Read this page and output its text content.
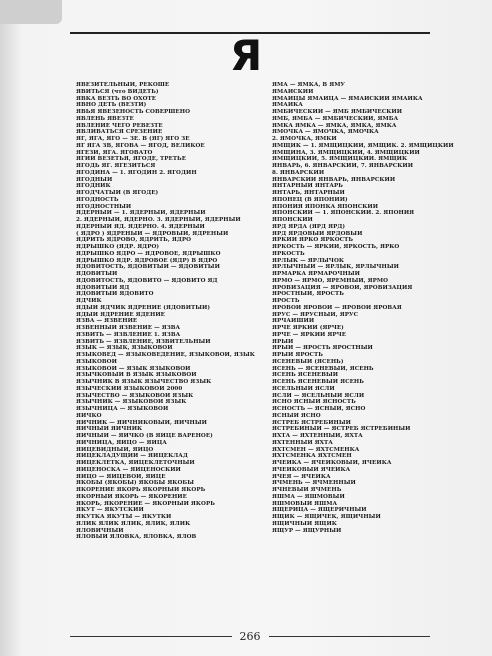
Я
ЯВЕЗИТЕЛЬНЫЙ, РЕКОШЕ
ЯВИТЬСЯ (что ВИДЕТЬ)
ЯВКА ВЕЗТЬ ВО ОХОТЕ
ЯВНО ДЕТЬ (ВЕЗТИ)
ЯВЬЯ ЯВЕЗЕНОСТЬ СОВЕРШЕНО
ЯВЛЕНЬ ЯВЕЗТЕ
ЯВЛЕНИЕ ЧЕГО РЕВЕЗТЕ
ЯВЛИВАТЬСЯ СРЕЗЕНИЕ
ЯГ, ЯГА, ЯГО — ЗЕ. В (ЯГ) ЯГО ЗЕ
ЯГ ЯГА ЗВ, ЯГОВА — ЯГОД, ВЕЛИКОЕ
ЯГЕЗИ, ЯГА. ЯГОВАТО
ЯГИЙ ВЕЗЕТЬЯ, ЯГОДЕ, ТРЕТЬЕ
ЯГОДЬ ЯГ. ЯГЕЗИТЬСЯ
ЯГОДИНА — 1. ЯГОДИН 2. ЯГОДИН
ЯГОДНЫЙ
ЯГОДНИК
ЯГОДЧАТЫЙ (В ЯГОДЕ)
ЯГОДНОСТЬ
ЯГОДНОСТНЫЙ
ЯДЕРНЫЙ — 1. ЯДЕРНЫЙ, ЯДЕРНЫЙ
2. ЯДЕРНЫЙ, ЯДЕРНО. 3. ЯДЕРНЫЙ, ЯДЕРНЫЙ
ЯДЕРНЫЙ ЯД. ЯДЕРНО. 4. ЯДЕРНЫЙ
( ЯДРО ) ЯДРЕНЫЙ — ЯДРОВЫЙ, ЯДРЕНЫЙ
ЯДРИТЬ ЯДРОВО, ЯДРИТЬ, ЯДРО
ЯДРЫШКО (ЯДР. ЯДРО)
ЯДРЫШКО ЯДРО — ЯДРОВОЕ, ЯДРЫШКО
ЯДРЫШКО ЯДР. ЯДРОВОЕ (ЯДР) В ЯДРО
ЯДОВИТОСТЬ, ЯДОВИТЫЙ — ЯДОВИТЫЙ
ЯДОВИТЫЙ
ЯДОВИТОСТЬ, ЯДОВИТО — ЯДОВИТО ЯД
ЯДОВИТЫЙ ЯД
ЯДОВИТЫЙ ЯДОВИТО
ЯДЧИК
ЯДЫЙ ЯДЧИК ЯДРЕНИЕ (ЯДОВИТЫЙ)
ЯДЫЙ ЯДРЕНИЕ ЯДЕНИЕ
ЯЗВА — ЯЗВЕНИЕ
ЯЗВЕННЫЙ ЯЗВЕНИЕ — ЯЗВА
ЯЗВИТЬ — ЯЗВЛЕНИЕ 1. ЯЗВА
ЯЗВИТЬ — ЯЗВЛЕНИЕ, ЯЗВИТЕЛЬНЫЙ
ЯЗЫК — ЯЗЫК, ЯЗЫКОВОЙ
ЯЗЫКОВЕД — ЯЗЫКОВЕДЕНИЕ, ЯЗЫКОВОЙ, ЯЗЫК
ЯЗЫКОВОЙ
ЯЗЫКОВОЙ — ЯЗЫК ЯЗЫКОВОЙ
ЯЗЫЧКОВЫЙ В ЯЗЫК ЯЗЫКОВОЙ
ЯЗЫЧНИК В ЯЗЫК ЯЗЫЧЕСТВО ЯЗЫК
ЯЗЫЧЕСКИЙ ЯЗЫКОВОЙ 2000
ЯЗЫЧЕСТВО — ЯЗЫКОВОЙ ЯЗЫК
ЯЗЫЧНИК — ЯЗЫКОВОЙ ЯЗЫК
ЯЗЫЧНИЦА — ЯЗЫКОВОЙ
ЯИЧКО
ЯИЧНИК — ЯИЧНИКОВЫЙ, ЯИЧНЫЙ
ЯИЧНЫЙ ЯИЧНИК
ЯИЧНЫЙ — ЯИЧКО (В ЯЙЦЕ ВАРЕНОЕ)
ЯИЧНИЦА, ЯЙЦО — ЯЙЦА
ЯЙЦЕВИДНЫЙ, ЯЙЦО
ЯЙЦЕКЛАДУЩИЙ — ЯЙЦЕКЛАД
ЯЙЦЕКЛЕТКА, ЯЙЦЕКЛЕТОЧНЫЙ
ЯЙЦЕНОСКА — ЯЙЦЕНОСКИЙ
ЯЙЦО — ЯЙЦЕВОЙ, ЯЙЦЕ
ЯКОБЫ (ЯКОБЫ) ЯКОБЫ ЯКОБЫ
ЯКОРЕНИЕ ЯКОРЬ ЯКОРНЫЙ ЯКОРЬ
ЯКОРНЫЙ ЯКОРЬ — ЯКОРЕНИЕ
ЯКОРЬ, ЯКОРЕНИЕ — ЯКОРНЫЙ ЯКОРЬ
ЯКУТ — ЯКУТСКИЙ
ЯКУТКА ЯКУТЫ — ЯКУТКИ
ЯЛИК ЯЛИК ЯЛИК, ЯЛИК, ЯЛИК
ЯЛОВИЧНЫЙ
ЯЛОВЫЙ ЯЛОВКА, ЯЛОВКА, ЯЛОВ
ЯМА — ЯМКА, В ЯМУ
ЯМАЙСКИЙ
ЯМАЙЦЫ ЯМАЙЦА — ЯМАЙСКИЙ ЯМАЙКА
ЯМАЙКА
ЯМБИЧЕСКИЙ — ЯМБ ЯМБИЧЕСКИЙ
ЯМБ, ЯМБА — ЯМБИЧЕСКИЙ, ЯМБА
ЯМКА ЯМКА — ЯМКА, ЯМКА, ЯМКА
ЯМОЧКА — ЯМОЧКА, ЯМОЧКА
2. ЯМОЧКА, ЯМКИ
ЯМЩИК — 1. ЯМЩИЦКИЙ, ЯМЩИК. 2. ЯМЩИЦКИЙ
ЯМЩИНА, 3. ЯМЩИЦКИЙ, 4. ЯМЩИЦКИЙ
ЯМЩИЦКИЙ, 5. ЯМЩИЦКИЙ. ЯМЩИК
ЯНВАРЬ, 6. ЯНВАРСКИЙ, 7. ЯНВАРСКИЙ
8. ЯНВАРСКИЙ
ЯНВАРСКИЙ ЯНВАРЬ, ЯНВАРСКИЙ
ЯНТАРНЫЙ ЯНТАРЬ
ЯНТАРЬ, ЯНТАРНЫЙ
ЯПОНЕЦ (В ЯПОНИИ)
ЯПОНИЯ ЯПОНКА ЯПОНСКИЙ
ЯПОНСКИЙ — 1. ЯПОНСКИЙ. 2. ЯПОНИЯ
ЯПОНСКИЙ
ЯРД ЯРДА (ЯРД ЯРД)
ЯРД ЯРДОВЫЙ ЯРДОВЫЙ
ЯРКИЙ ЯРКО ЯРКОСТЬ
ЯРКОСТЬ — ЯРКИЙ, ЯРКОСТЬ, ЯРКО
ЯРКОСТЬ
ЯРЛЫК — ЯРЛЫЧОК
ЯРЛЫЧНЫЙ — ЯРЛЫК, ЯРЛЫЧНЫЙ
ЯРМАРКА ЯРМАРОЧНЫЙ
ЯРМО — ЯРМО, ЯРЕМНЫЙ, ЯРМО
ЯРОВИЗАЦИЯ — ЯРОВОЙ, ЯРОВИЗАЦИЯ
ЯРОСТНЫЙ, ЯРОСТЬ
ЯРОСТЬ
ЯРОВОЙ ЯРОВОЙ — ЯРОВОЙ ЯРОВАЯ
ЯРУС — ЯРУСНЫЙ, ЯРУС
ЯРЧАЙШИЙ
ЯРЧЕ ЯРКИЙ (ЯРЧЕ)
ЯРЧЕ — ЯРКИЙ ЯРЧЕ
ЯРЫЙ
ЯРЫЙ — ЯРОСТЬ ЯРОСТНЫЙ
ЯРЫЙ ЯРОСТЬ
ЯСЕНЕВЫЙ (ЯСЕНЬ)
ЯСЕНЬ — ЯСЕНЕВЫЙ, ЯСЕНЬ
ЯСЕНЬ ЯСЕНЕВЫЙ
ЯСЕНЬ ЯСЕНЕВЫЙ ЯСЕНЬ
ЯСЕЛЬНЫЙ ЯСЛИ
ЯСЛИ — ЯСЕЛЬНЫЙ ЯСЛИ
ЯСНО ЯСНЫЙ ЯСНОСТЬ
ЯСНОСТЬ — ЯСНЫЙ, ЯСНО
ЯСНЫЙ ЯСНО
ЯСТРЕБ ЯСТРЕБИНЫЙ
ЯСТРЕБИНЫЙ — ЯСТРЕБ ЯСТРЕБИНЫЙ
ЯХТА — ЯХТЕННЫЙ, ЯХТА
ЯХТЕННЫЙ ЯХТА
ЯХТСМЕН — ЯХТСМЕНКА
ЯХТСМЕНКА ЯХТСМЕН
ЯЧЕЙКА — ЯЧЕЙКОВЫЙ, ЯЧЕЙКА
ЯЧЕЙКОВЫЙ ЯЧЕЙКА
ЯЧЕЯ — ЯЧЕЙКА
ЯЧМЕНЬ — ЯЧМЕННЫЙ
ЯЧНЕВЫЙ ЯЧМЕНЬ
ЯШМА — ЯШМОВЫЙ
ЯШМОВЫЙ ЯШМА
ЯЩЕРИЦА — ЯЩЕРИЧНЫЙ
ЯЩИК — ЯЩИЧЕК, ЯЩИЧНЫЙ
ЯЩИЧНЫЙ ЯЩИК
ЯЩУР — ЯЩУРНЫЙ
266
